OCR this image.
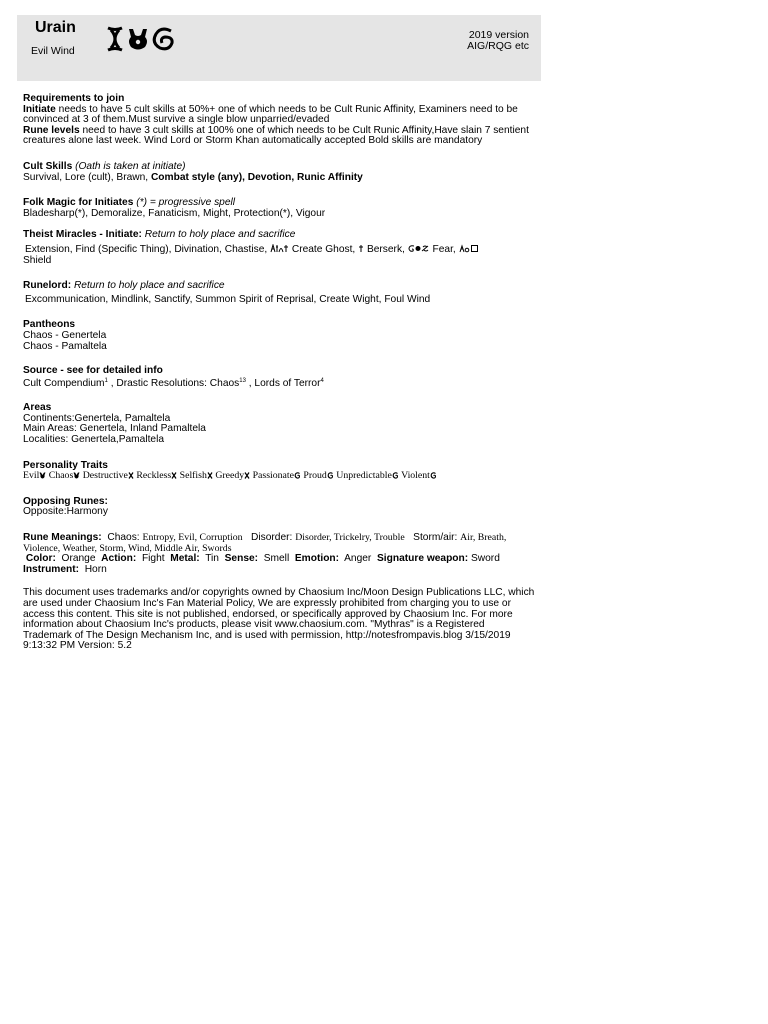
Urain
Evil Wind
2019 version
AIG/RQG etc
Requirements to join
Initiate needs to have 5 cult skills at 50%+ one of which needs to be Cult Runic Affinity, Examiners need to be convinced at 3 of them.Must survive a single blow unparried/evaded
Rune levels need to have 3 cult skills at 100% one of which needs to be Cult Runic Affinity,Have slain 7 sentient creatures alone last week. Wind Lord or Storm Khan automatically accepted Bold skills are mandatory
Cult Skills (Oath is taken at initiate)
Survival, Lore (cult), Brawn, Combat style (any), Devotion, Runic Affinity
Folk Magic for Initiates (*) = progressive spell
Bladesharp(*), Demoralize, Fanaticism, Might, Protection(*), Vigour
Theist Miracles - Initiate: Return to holy place and sacrifice
Extension, Find (Specific Thing), Divination, Chastise,  Create Ghost,  Berserk,  Fear,
Shield
Runelord: Return to holy place and sacrifice
Excommunication, Mindlink, Sanctify, Summon Spirit of Reprisal, Create Wight, Foul Wind
Pantheons
Chaos - Genertela
Chaos - Pamaltela
Source - see for detailed info
Cult Compendium$^1$ , Drastic Resolutions: Chaos$^{13}$ , Lords of Terror$^4$
Areas
Continents:Genertela, Pamaltela
Main Areas: Genertela, Inland Pamaltela
Localities: Genertela,Pamaltela
Personality Traits
Evil Chaos Destructive Reckless Selfish Greedy Passionate Proud Unpredictable Violent
Opposing Runes:
Opposite:Harmony
Rune Meanings: Chaos: Entropy, Evil, Corruption Disorder: Disorder, Trickelry, Trouble Storm/air: Air, Breath, Violence, Weather, Storm, Wind, Middle Air, Swords
Color: Orange Action: Fight Metal: Tin Sense: Smell Emotion: Anger Signature weapon: Sword  Instrument: Horn
This document uses trademarks and/or copyrights owned by Chaosium Inc/Moon Design Publications LLC, which are used under Chaosium Inc's Fan Material Policy, We are expressly prohibited from charging you to use or access this content. This site is not published, endorsed, or specifically approved by Chaosium Inc. For more information about Chaosium Inc's products, please visit www.chaosium.com. "Mythras" is a Registered Trademark of The Design Mechanism Inc, and is used with permission, http://notesfrompavis.blog 3/15/2019 9:13:32 PM Version: 5.2
